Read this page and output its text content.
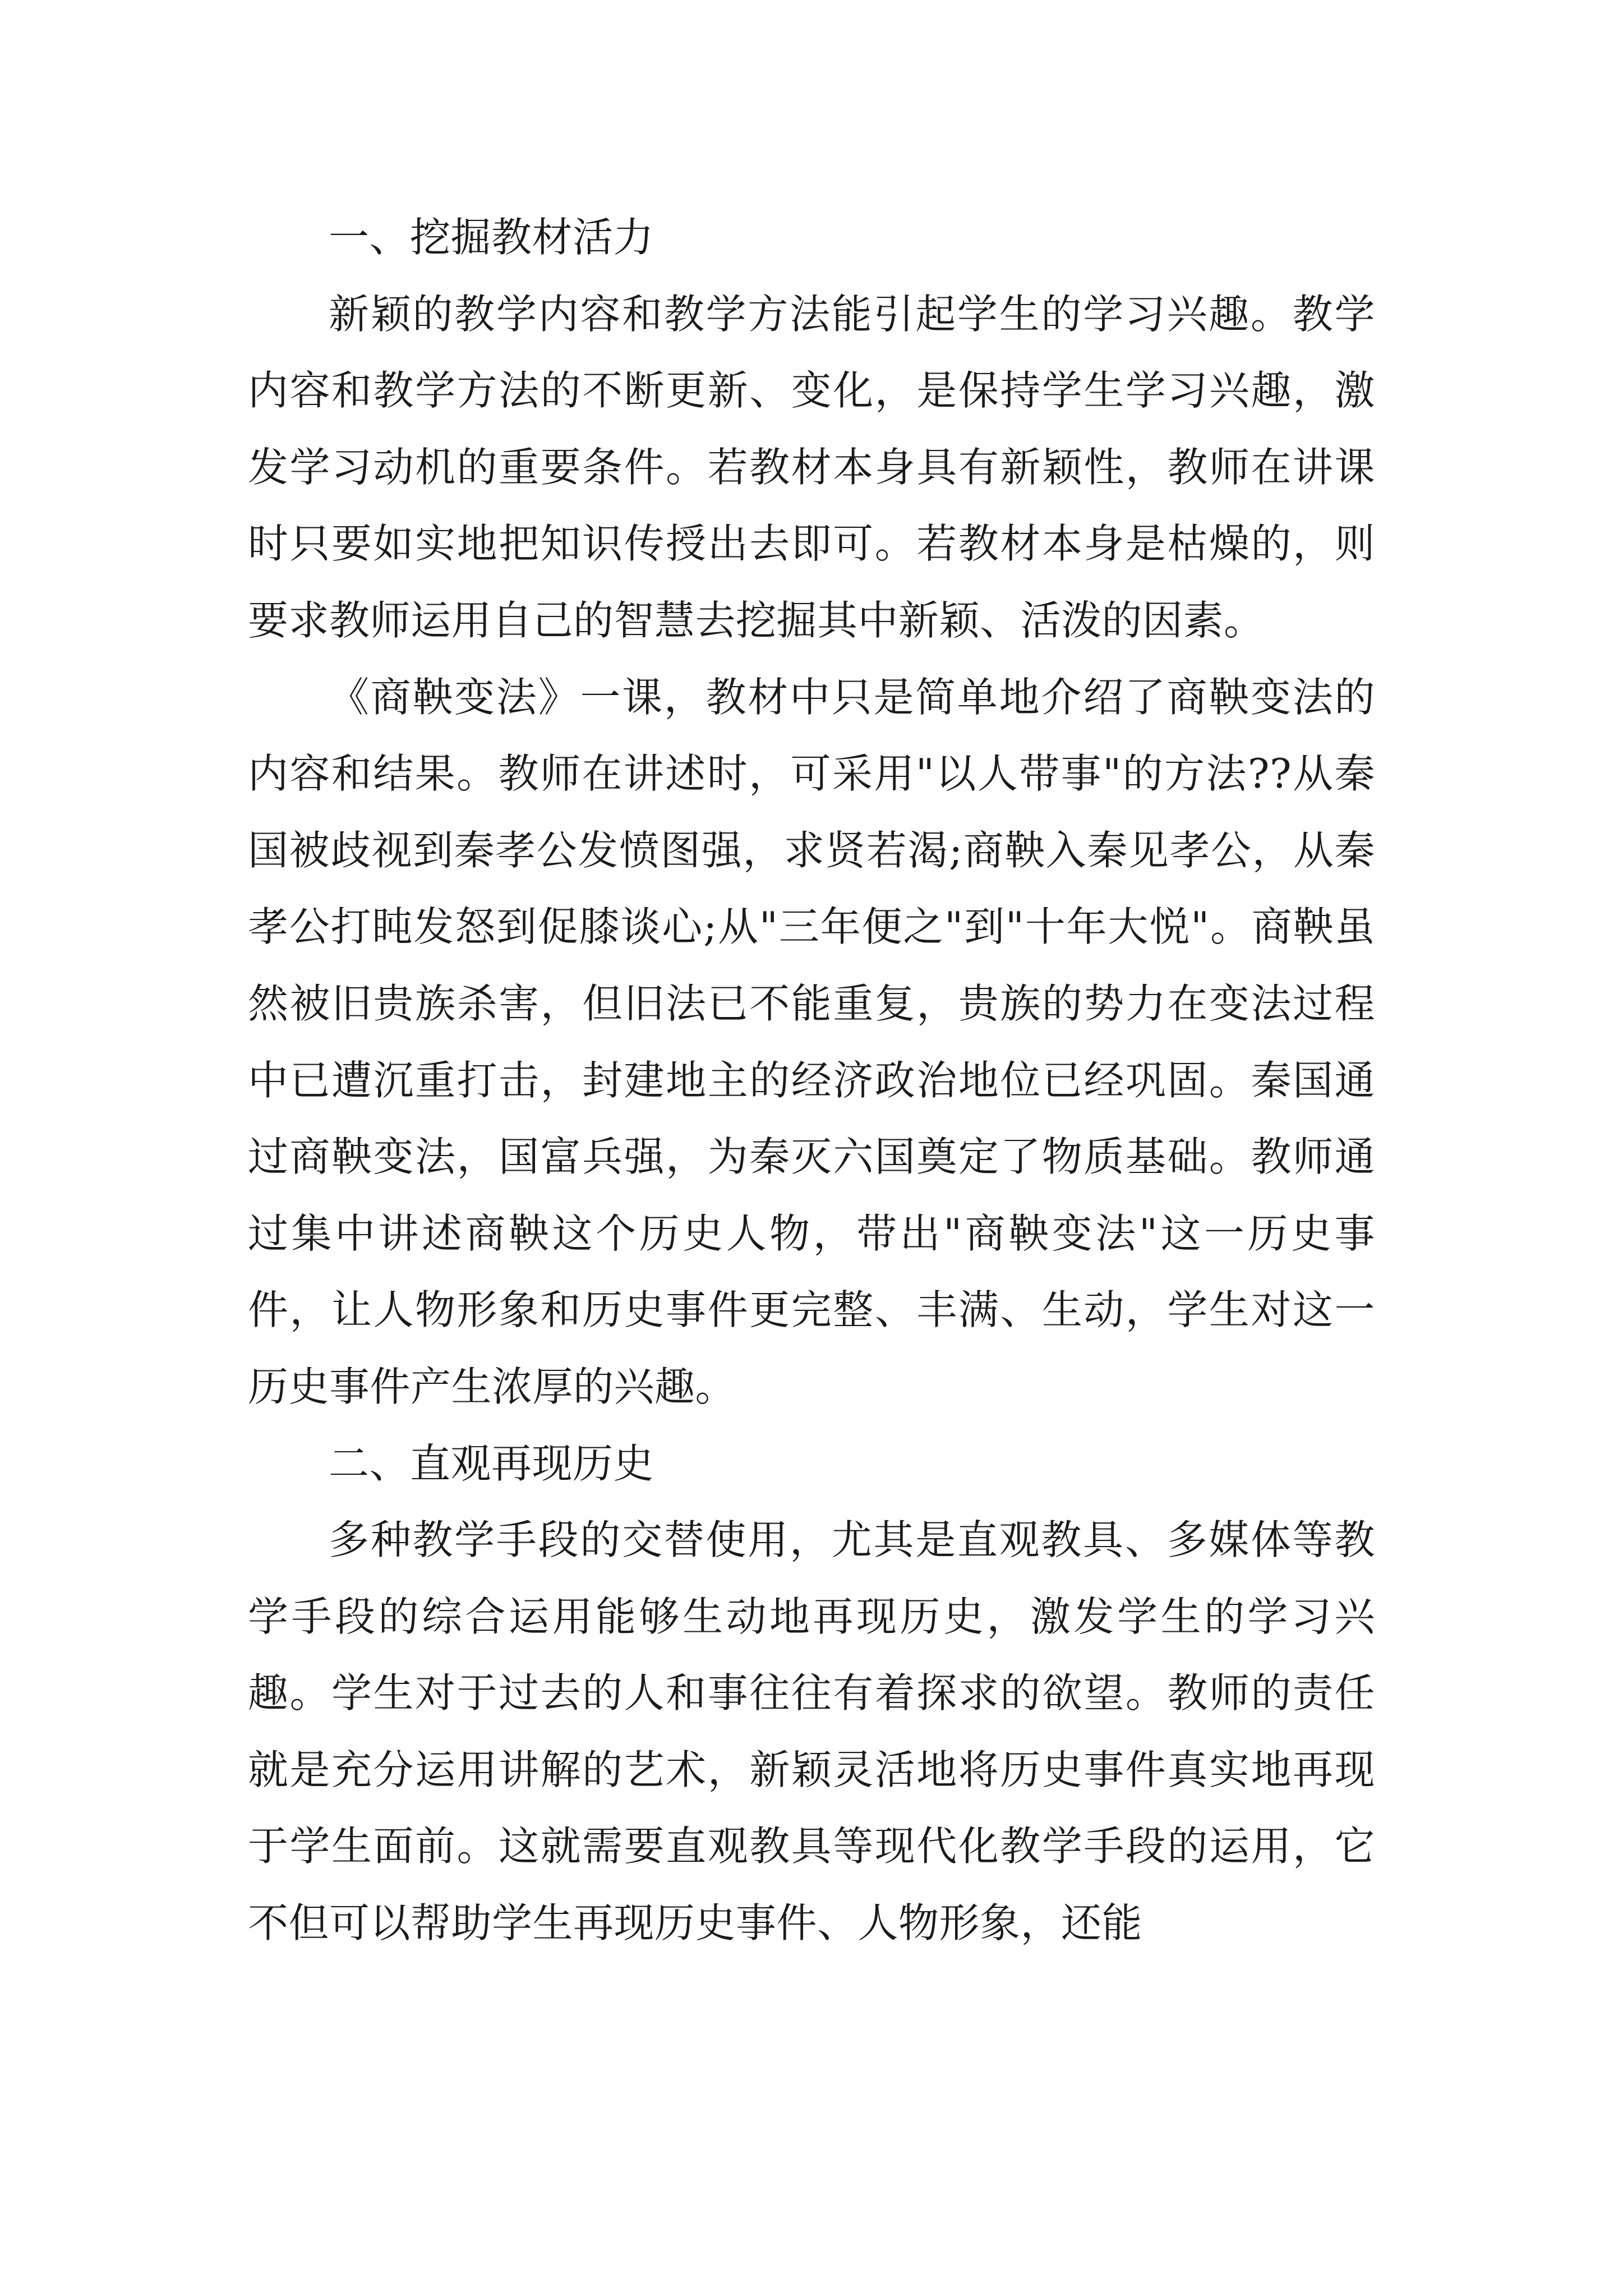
一、挖掘教材活力

新颖的教学内容和教学方法能引起学生的学习兴趣。教学内容和教学方法的不断更新、变化，是保持学生学习兴趣，激发学习动机的重要条件。若教材本身具有新颖性，教师在讲课时只要如实地把知识传授出去即可。若教材本身是枯燥的，则要求教师运用自己的智慧去挖掘其中新颖、活泼的因素。

《商鞅变法》一课，教材中只是简单地介绍了商鞅变法的内容和结果。教师在讲述时，可采用"以人带事"的方法??从秦国被歧视到秦孝公发愤图强，求贤若渴;商鞅入秦见孝公，从秦孝公打盹发怒到促膝谈心;从"三年便之"到"十年大悦"。商鞅虽然被旧贵族杀害，但旧法已不能重复，贵族的势力在变法过程中已遭沉重打击，封建地主的经济政治地位已经巩固。秦国通过商鞅变法，国富兵强，为秦灭六国奠定了物质基础。教师通过集中讲述商鞅这个历史人物，带出"商鞅变法"这一历史事件，让人物形象和历史事件更完整、丰满、生动，学生对这一历史事件产生浓厚的兴趣。

二、直观再现历史

多种教学手段的交替使用，尤其是直观教具、多媒体等教学手段的综合运用能够生动地再现历史，激发学生的学习兴趣。学生对于过去的人和事往往有着探求的欲望。教师的责任就是充分运用讲解的艺术，新颖灵活地将历史事件真实地再现于学生面前。这就需要直观教具等现代化教学手段的运用，它不但可以帮助学生再现历史事件、人物形象，还能
